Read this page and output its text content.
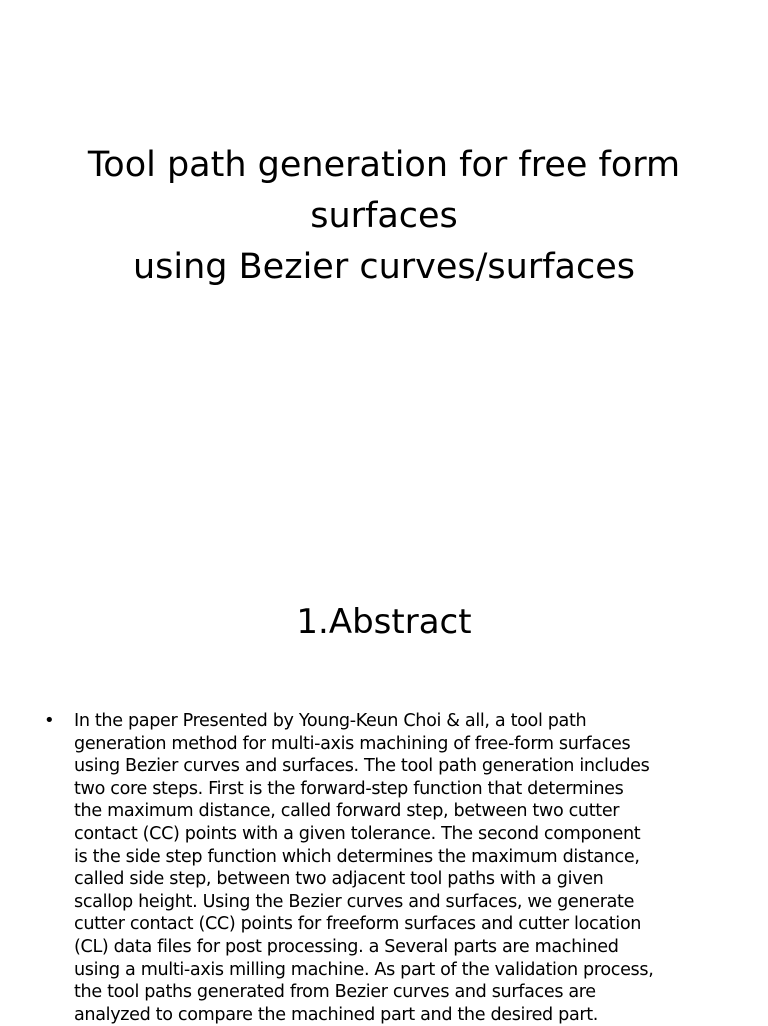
Tool path generation for free form
surfaces
using Bezier curves/surfaces
1.Abstract
• In the paper Presented by Young-Keun Choi & all, a tool path
generation method for multi-axis machining of free-form surfaces
using Bezier curves and surfaces. The tool path generation includes
two core steps. First is the forward-step function that determines
the maximum distance, called forward step, between two cutter
contact (CC) points with a given tolerance. The second component
is the side step function which determines the maximum distance,
called side step, between two adjacent tool paths with a given
scallop height. Using the Bezier curves and surfaces, we generate
cutter contact (CC) points for freeform surfaces and cutter location
(CL) data files for post processing. a Several parts are machined
using a multi-axis milling machine. As part of the validation process,
the tool paths generated from Bezier curves and surfaces are
analyzed to compare the machined part and the desired part.
